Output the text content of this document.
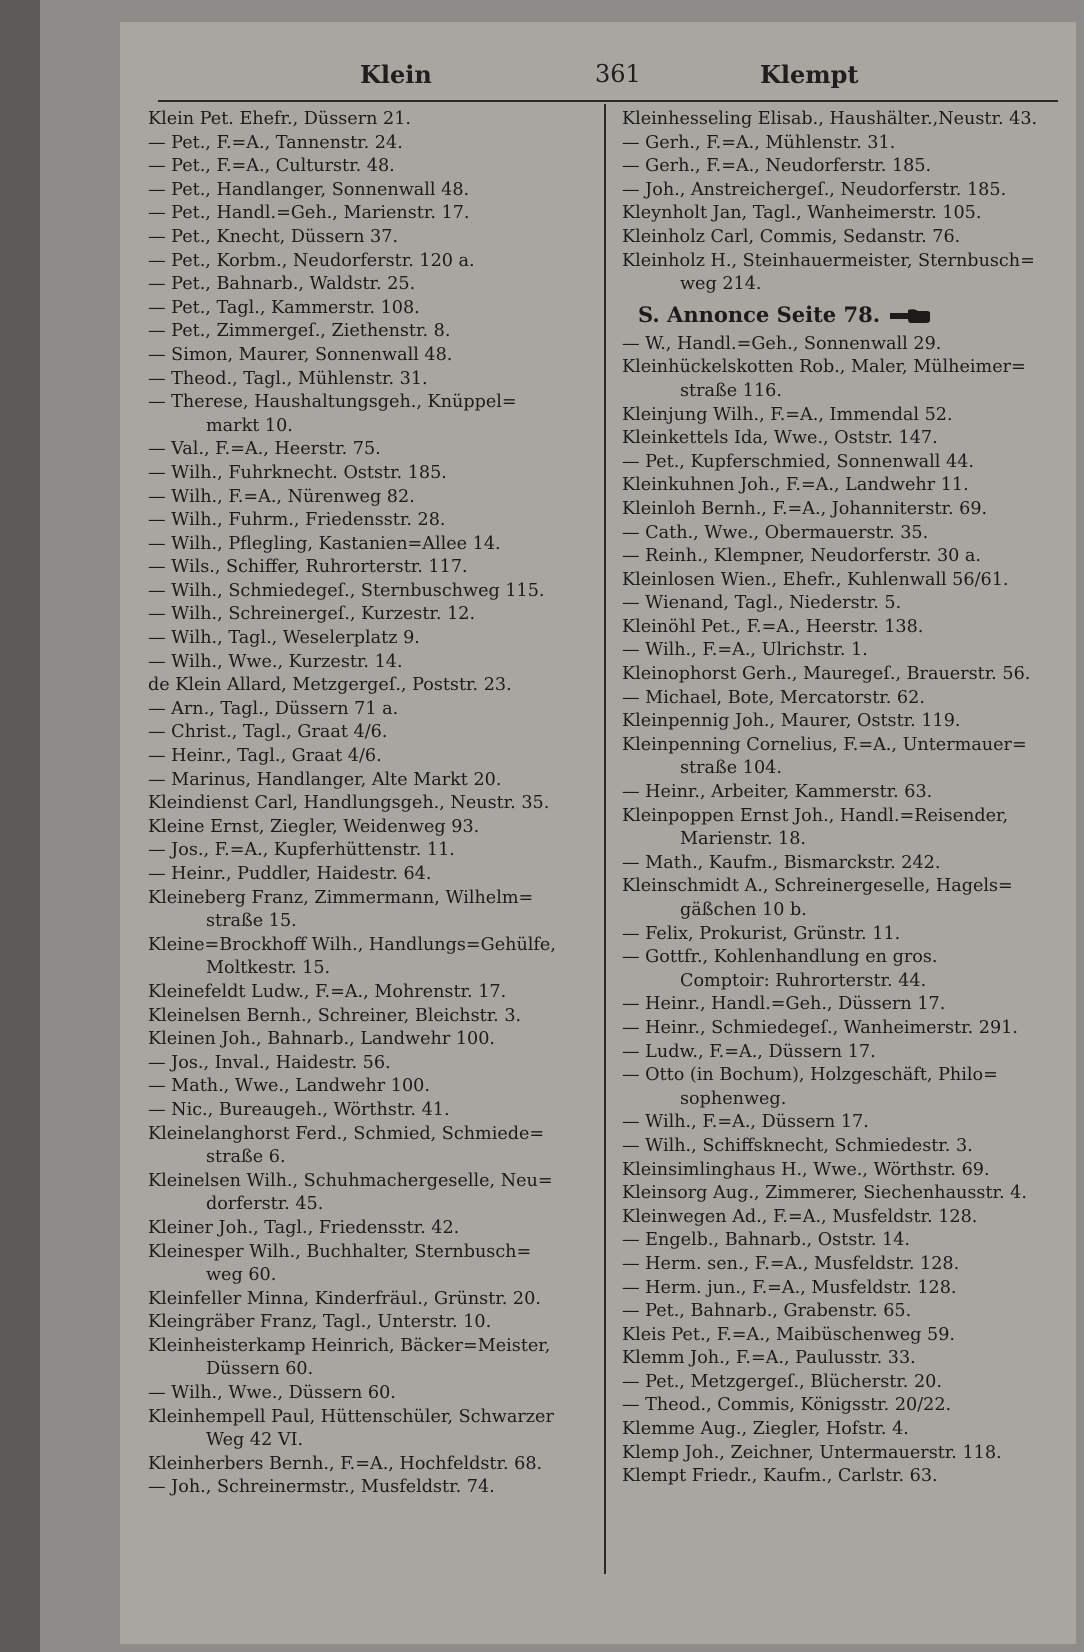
Klein	361	Klempt
Klein Pet. Ehefr., Düssern 21.
— Pet., F.=A., Tannenstr. 24.
— Pet., F.=A., Culturstr. 48.
— Pet., Handlanger, Sonnenwall 48.
— Pet., Handl.=Geh., Marienstr. 17.
— Pet., Knecht, Düssern 37.
— Pet., Korbm., Neudorferstr. 120 a.
— Pet., Bahnarb., Waldstr. 25.
— Pet., Tagl., Kammerstr. 108.
— Pet., Zimmergeſ., Ziethenstr. 8.
— Simon, Maurer, Sonnenwall 48.
— Theod., Tagl., Mühlenstr. 31.
— Therese, Haushaltungsgeh., Knüppel=
markt 10.
— Val., F.=A., Heerstr. 75.
— Wilh., Fuhrknecht. Oststr. 185.
— Wilh., F.=A., Nürenweg 82.
— Wilh., Fuhrm., Friedensstr. 28.
— Wilh., Pflegling, Kastanien=Allee 14.
— Wils., Schiffer, Ruhrorterstr. 117.
— Wilh., Schmiedegeſ., Sternbuschweg 115.
— Wilh., Schreinergeſ., Kurzestr. 12.
— Wilh., Tagl., Weselerplatz 9.
— Wilh., Wwe., Kurzestr. 14.
de Klein Allard, Metzgergeſ., Poststr. 23.
— Arn., Tagl., Düssern 71 a.
— Christ., Tagl., Graat 4/6.
— Heinr., Tagl., Graat 4/6.
— Marinus, Handlanger, Alte Markt 20.
Kleindienst Carl, Handlungsgeh., Neustr. 35.
Kleine Ernst, Ziegler, Weidenweg 93.
— Jos., F.=A., Kupferhüttenstr. 11.
— Heinr., Puddler, Haidestr. 64.
Kleineberg Franz, Zimmermann, Wilhelm=
straße 15.
Kleine=Brockhoff Wilh., Handlungs=Gehülfe,
Moltkestr. 15.
Kleinefeldt Ludw., F.=A., Mohrenstr. 17.
Kleinelsen Bernh., Schreiner, Bleichstr. 3.
Kleinen Joh., Bahnarb., Landwehr 100.
— Jos., Inval., Haidestr. 56.
— Math., Wwe., Landwehr 100.
— Nic., Bureaugeh., Wörthstr. 41.
Kleinelanghorst Ferd., Schmied, Schmiede=
straße 6.
Kleinelsen Wilh., Schuhmachergeselle, Neu=
dorferstr. 45.
Kleiner Joh., Tagl., Friedensstr. 42.
Kleinesper Wilh., Buchhalter, Sternbusch=
weg 60.
Kleinfeller Minna, Kinderfräul., Grünstr. 20.
Kleingräber Franz, Tagl., Unterstr. 10.
Kleinheisterkamp Heinrich, Bäcker=Meister,
Düssern 60.
— Wilh., Wwe., Düssern 60.
Kleinhempell Paul, Hüttenschüler, Schwarzer
Weg 42 VI.
Kleinherbers Bernh., F.=A., Hochfeldstr. 68.
— Joh., Schreinermstr., Musfeldstr. 74.
Kleinhesseling Elisab., Haushälter.,Neustr. 43.
— Gerh., F.=A., Mühlenstr. 31.
— Gerh., F.=A., Neudorferstr. 185.
— Joh., Anstreichergeſ., Neudorferstr. 185.
Kleynholt Jan, Tagl., Wanheimerstr. 105.
Kleinholz Carl, Commis, Sedanstr. 76.
Kleinholz H., Steinhauermeister, Sternbusch=
weg 214.
S. Annonce Seite 78.
— W., Handl.=Geh., Sonnenwall 29.
Kleinhückelskotten Rob., Maler, Mülheimer=
straße 116.
Kleinjung Wilh., F.=A., Immendal 52.
Kleinkettels Ida, Wwe., Oststr. 147.
— Pet., Kupferschmied, Sonnenwall 44.
Kleinkuhnen Joh., F.=A., Landwehr 11.
Kleinloh Bernh., F.=A., Johanniterstr. 69.
— Cath., Wwe., Obermauerstr. 35.
— Reinh., Klempner, Neudorferstr. 30 a.
Kleinlosen Wien., Ehefr., Kuhlenwall 56/61.
— Wienand, Tagl., Niederstr. 5.
Kleinöhl Pet., F.=A., Heerstr. 138.
— Wilh., F.=A., Ulrichstr. 1.
Kleinophorst Gerh., Mauregeſ., Brauerstr. 56.
— Michael, Bote, Mercatorstr. 62.
Kleinpennig Joh., Maurer, Oststr. 119.
Kleinpenning Cornelius, F.=A., Untermauer=
straße 104.
— Heinr., Arbeiter, Kammerstr. 63.
Kleinpoppen Ernst Joh., Handl.=Reisender,
Marienstr. 18.
— Math., Kaufm., Bismarckstr. 242.
Kleinschmidt A., Schreinergeselle, Hagels=
gäßchen 10 b.
— Felix, Prokurist, Grünstr. 11.
— Gottfr., Kohlenhandlung en gros.
Comptoir: Ruhrorterstr. 44.
— Heinr., Handl.=Geh., Düssern 17.
— Heinr., Schmiedegeſ., Wanheimerstr. 291.
— Ludw., F.=A., Düssern 17.
— Otto (in Bochum), Holzgeschäft, Philo=
sophenweg.
— Wilh., F.=A., Düssern 17.
— Wilh., Schiffsknecht, Schmiedestr. 3.
Kleinsimlinghaus H., Wwe., Wörthstr. 69.
Kleinsorg Aug., Zimmerer, Siechenhausstr. 4.
Kleinwegen Ad., F.=A., Musfeldstr. 128.
— Engelb., Bahnarb., Oststr. 14.
— Herm. sen., F.=A., Musfeldstr. 128.
— Herm. jun., F.=A., Musfeldstr. 128.
— Pet., Bahnarb., Grabenstr. 65.
Kleis Pet., F.=A., Maibüschenweg 59.
Klemm Joh., F.=A., Paulusstr. 33.
— Pet., Metzgergeſ., Blücherstr. 20.
— Theod., Commis, Königsstr. 20/22.
Klemme Aug., Ziegler, Hofstr. 4.
Klemp Joh., Zeichner, Untermauerstr. 118.
Klempt Friedr., Kaufm., Carlstr. 63.
